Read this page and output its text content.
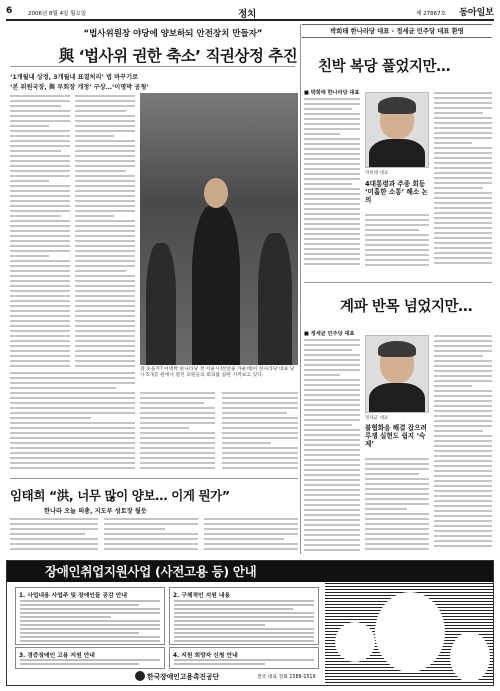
6	2006년 8월 4일 월요일	정치	제 27867호 동아일보
“법사위원장 야당에 양보하되 안전장치 만들자”
與 ‘법사위 권한 축소’ 직권상정 추진
‘1개월내 상정, 3개월내 표결처리’ 법 바꾸기로
‘본 위원국장, 與 부회장 개정’ 구상…‘이명박 공청’
잘 웃을까? 이명박 한나라당 전 서울시장(앞줄 가운데)이 한나라당 대표 당사 5개층 원에서 열린 의원들의 회의를 참관 지켜보고 있다.
임태희 “洪, 너무 많이 양보… 이게 뭔가”
한나라 오늘 의총, 지도부 성토장 될듯
박희태 한나라당 대표 - 정세균 민주당 대표 환영
친박 복당 풀었지만…
■ 박희태 한나라당 대표
박희태 대표
4대통령과 주종 회동 ‘미흡한 소통’ 해소 논의
계파 반목 넘었지만…
■ 정세균 민주당 대표
정세균 대표
불협화음 해결 잡으려 루쟁 실현도 쉽지 ‘숙제’
장애인취업지원사업 (사전고용 등) 안내
1. 사업내용 사업주 및 장애인들 공감 안내	2. 구체적인 지원 내용
3. 경증장애인 고용 지원 안내	4. 지원 희망자 신청 안내
한국장애인고용촉진공단	전국 대표 전화 1588-1519
